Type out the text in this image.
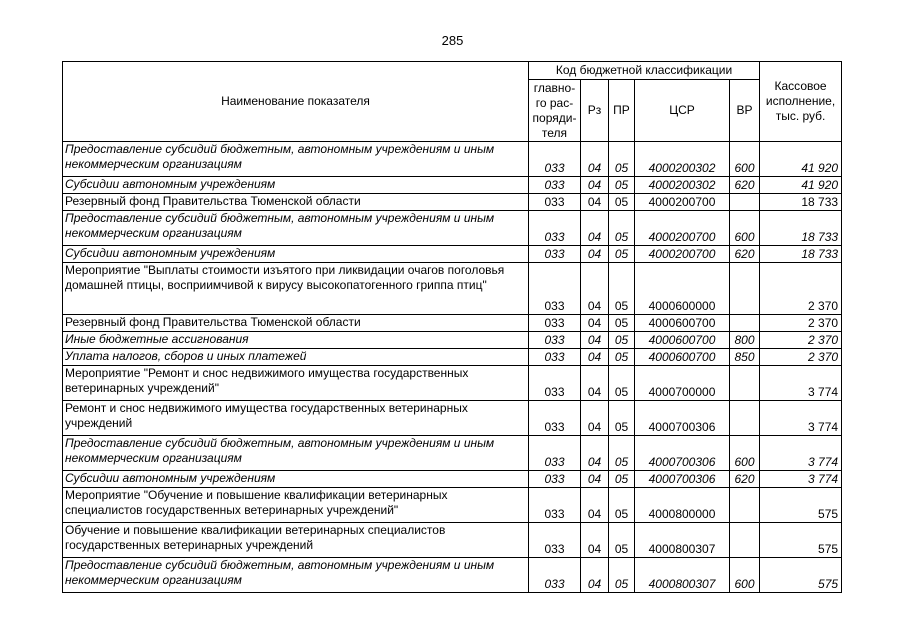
285
Наименование показателя	Код бюджетной классификации					Кассовое исполнение, тыс. руб.
	главно-го рас-поряди-теля	Рз	ПР	ЦСР	ВР	
Предоставление субсидий бюджетным, автономным учреждениям и иным некоммерческим организациям	033	04	05	4000200302	600	41 920
Субсидии автономным учреждениям	033	04	05	4000200302	620	41 920
Резервный фонд Правительства Тюменской области	033	04	05	4000200700		18 733
Предоставление субсидий бюджетным, автономным учреждениям и иным некоммерческим организациям	033	04	05	4000200700	600	18 733
Субсидии автономным учреждениям	033	04	05	4000200700	620	18 733
Мероприятие "Выплаты стоимости изъятого при ликвидации очагов поголовья домашней птицы, восприимчивой к вирусу высокопатогенного гриппа птиц"	033	04	05	4000600000		2 370
Резервный фонд Правительства Тюменской области	033	04	05	4000600700		2 370
Иные бюджетные ассигнования	033	04	05	4000600700	800	2 370
Уплата налогов, сборов и иных платежей	033	04	05	4000600700	850	2 370
Мероприятие "Ремонт и снос недвижимого имущества государственных ветеринарных учреждений"	033	04	05	4000700000		3 774
Ремонт и снос недвижимого имущества государственных ветеринарных учреждений	033	04	05	4000700306		3 774
Предоставление субсидий бюджетным, автономным учреждениям и иным некоммерческим организациям	033	04	05	4000700306	600	3 774
Субсидии автономным учреждениям	033	04	05	4000700306	620	3 774
Мероприятие "Обучение и повышение квалификации ветеринарных специалистов государственных ветеринарных учреждений"	033	04	05	4000800000		575
Обучение и повышение квалификации ветеринарных специалистов государственных ветеринарных учреждений	033	04	05	4000800307		575
Предоставление субсидий бюджетным, автономным учреждениям и иным некоммерческим организациям	033	04	05	4000800307	600	575
